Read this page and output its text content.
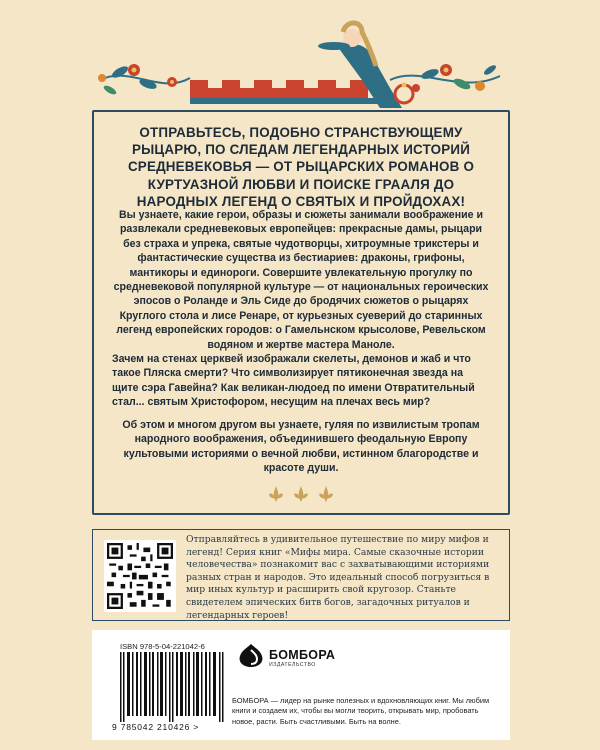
ОТПРАВЬТЕСЬ, ПОДОБНО СТРАНСТВУЮЩЕМУ РЫЦАРЮ, ПО СЛЕДАМ ЛЕГЕНДАРНЫХ ИСТОРИЙ СРЕДНЕВЕКОВЬЯ — ОТ РЫЦАРСКИХ РОМАНОВ О КУРТУАЗНОЙ ЛЮБВИ И ПОИСКЕ ГРААЛЯ ДО НАРОДНЫХ ЛЕГЕНД О СВЯТЫХ И ПРОЙДОХАХ!

Вы узнаете, какие герои, образы и сюжеты занимали воображение и развлекали средневековых европейцев: прекрасные дамы, рыцари без страха и упрека, святые чудотворцы, хитроумные трикстеры и фантастические существа из бестиариев: драконы, грифоны, мантикоры и единороги. Совершите увлекательную прогулку по средневековой популярной культуре — от национальных героических эпосов о Роланде и Эль Сиде до бродячих сюжетов о рыцарях Круглого стола и лисе Ренаре, от курьезных суеверий до старинных легенд европейских городов: о Гамельнском крысолове, Ревельском водяном и жертве мастера Маноле.

Зачем на стенах церквей изображали скелеты, демонов и жаб и что такое Пляска смерти? Что символизирует пятиконечная звезда на щите сэра Гавейна? Как великан-людоед по имени Отвратительный стал... святым Христофором, несущим на плечах весь мир?

Об этом и многом другом вы узнаете, гуляя по извилистым тропам народного воображения, объединившего феодальную Европу культовыми историями о вечной любви, истинном благородстве и красоте души.

Отправляйтесь в удивительное путешествие по миру мифов и легенд! Серия книг «Мифы мира. Самые сказочные истории человечества» познакомит вас с захватывающими историями разных стран и народов. Это идеальный способ погрузиться в мир иных культур и расширить свой кругозор. Станьте свидетелем эпических битв богов, загадочных ритуалов и легендарных героев!

ISBN 978-5-04-221042-6

9 785042 210426 >

БОМБОРА

ИЗДАТЕЛЬСТВО

БОМБОРА — лидер на рынке полезных и вдохновляющих книг. Мы любим книги и создаем их, чтобы вы могли творить, открывать мир, пробовать новое, расти. Быть счастливыми. Быть на волне.
